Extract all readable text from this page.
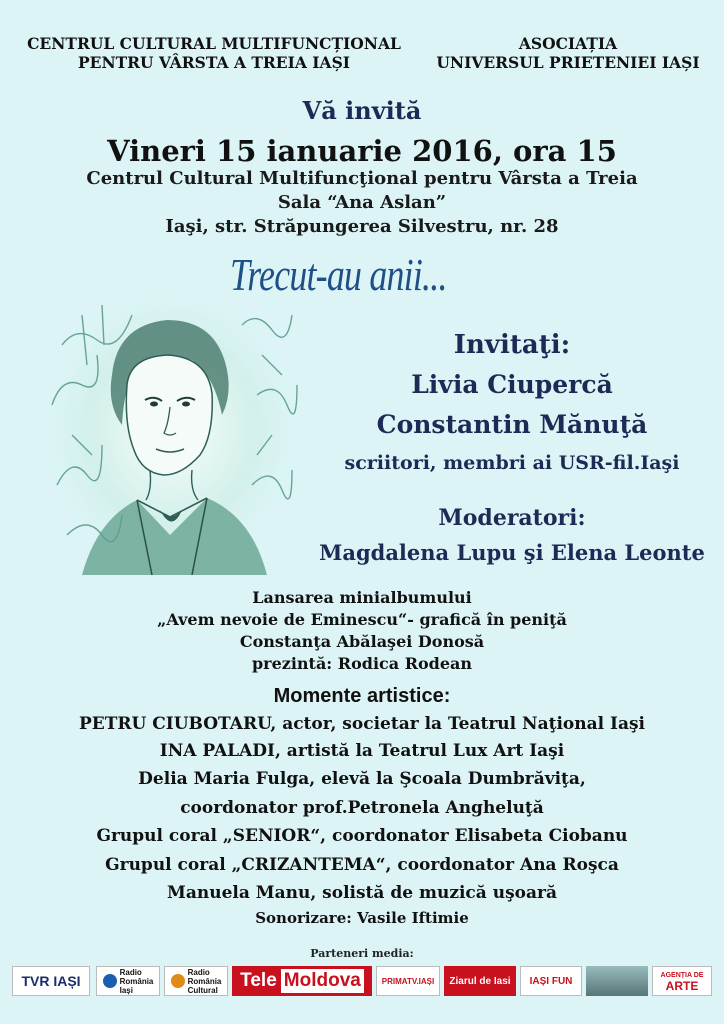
CENTRUL CULTURAL MULTIFUNCȚIONAL
PENTRU VÂRSTA A TREIA IAȘI
ASOCIAȚIA
UNIVERSUL PRIETENIEI IAȘI
Vă invită
Vineri 15 ianuarie 2016, ora 15
Centrul Cultural Multifuncţional pentru Vârsta a Treia
Sala “Ana Aslan”
Iaşi, str. Străpungerea Silvestru, nr. 28
Trecut-au anii...
Invitaţi:
Livia Ciupercă
Constantin Mănuţă
scriitori, membri ai USR-fil.Iaşi
Moderatori:
Magdalena Lupu şi Elena Leonte
Lansarea minialbumului
„Avem nevoie de Eminescu“- grafică în peniţă
Constanţa Abălaşei Donosă
prezintă: Rodica Rodean
Momente artistice:
PETRU CIUBOTARU, actor, societar la Teatrul Naţional Iaşi
INA PALADI, artistă la Teatrul Lux Art Iaşi
Delia Maria Fulga, elevă la Şcoala Dumbrăviţa,
coordonator prof.Petronela Angheluţă
Grupul coral „SENIOR“, coordonator Elisabeta Ciobanu
Grupul coral „CRIZANTEMA“, coordonator Ana Roşca
Manuela Manu, solistă de muzică uşoară
Sonorizare: Vasile Iftimie
Parteneri media:
TVR IAȘI
Radio
România
Iași
Radio
România
Cultural Tele Moldova	PRIMATV.IAȘI Ziarul de Iasi IAȘI FUN	AGENȚIA DE
ARTE
